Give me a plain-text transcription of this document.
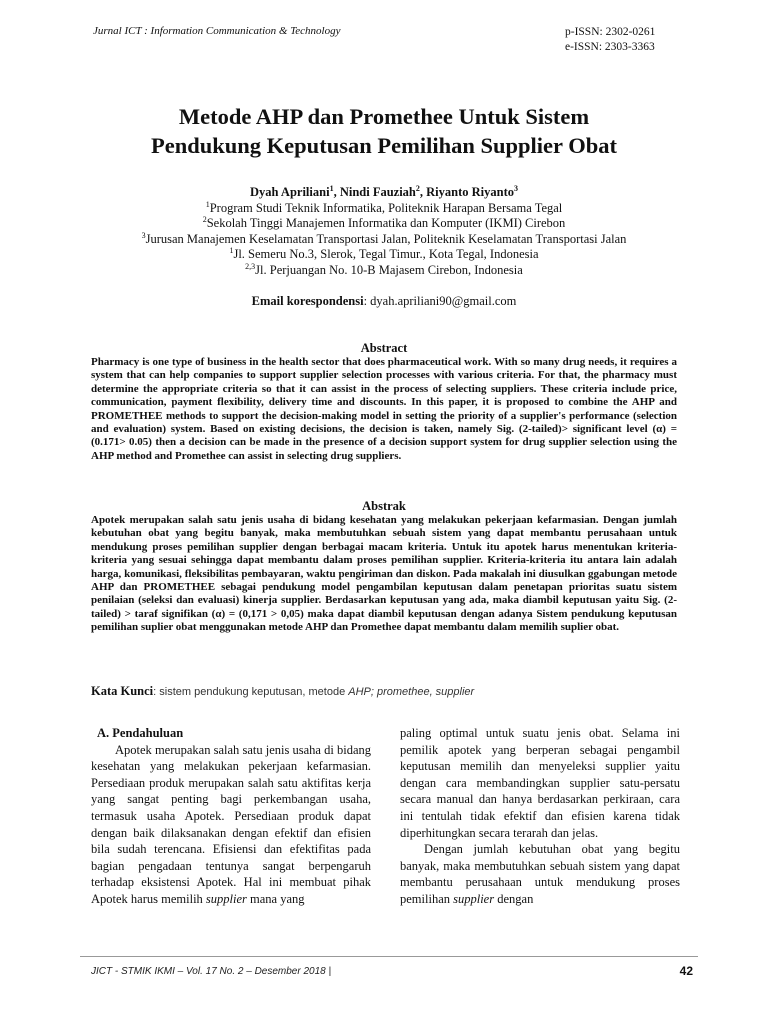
Jurnal ICT : Information Communication & Technology	p-ISSN: 2302-0261
e-ISSN: 2303-3363
Metode AHP dan Promethee Untuk Sistem
Pendukung Keputusan Pemilihan Supplier Obat
Dyah Apriliani$^1$, Nindi Fauziah$^2$, Riyanto Riyanto$^3$
$^1$Program Studi Teknik Informatika, Politeknik Harapan Bersama Tegal
$^2$Sekolah Tinggi Manajemen Informatika dan Komputer (IKMI) Cirebon
$^3$Jurusan Manajemen Keselamatan Transportasi Jalan, Politeknik Keselamatan Transportasi Jalan
$^1$Jl. Semeru No.3, Slerok, Tegal Timur., Kota Tegal, Indonesia
$^{2,3}$Jl. Perjuangan No. 10-B Majasem Cirebon, Indonesia
Email korespondensi: dyah.apriliani90@gmail.com
Abstract
Pharmacy is one type of business in the health sector that does pharmaceutical work. With so many drug needs, it requires a system that can help companies to support supplier selection processes with various criteria. For that, the pharmacy must determine the appropriate criteria so that it can assist in the process of selecting suppliers. These criteria include price, communication, payment flexibility, delivery time and discounts. In this paper, it is proposed to combine the AHP and PROMETHEE methods to support the decision-making model in setting the priority of a supplier's performance (selection and evaluation) system. Based on existing decisions, the decision is taken, namely Sig. (2-tailed)> significant level (α) = (0.171> 0.05) then a decision can be made in the presence of a decision support system for drug supplier selection using the AHP method and Promethee can assist in selecting drug suppliers.
Abstrak
Apotek merupakan salah satu jenis usaha di bidang kesehatan yang melakukan pekerjaan kefarmasian. Dengan jumlah kebutuhan obat yang begitu banyak, maka membutuhkan sebuah sistem yang dapat membantu perusahaan untuk mendukung proses pemilihan supplier dengan berbagai macam kriteria. Untuk itu apotek harus menentukan kriteria-kriteria yang sesuai sehingga dapat membantu dalam proses pemilihan supplier. Kriteria-kriteria itu antara lain adalah harga, komunikasi, fleksibilitas pembayaran, waktu pengiriman dan diskon. Pada makalah ini diusulkan ggabungan metode AHP dan PROMETHEE sebagai pendukung model pengambilan keputusan dalam penetapan prioritas suatu sistem penilaian (seleksi dan evaluasi) kinerja supplier. Berdasarkan keputusan yang ada, maka diambil keputusan yaitu Sig. (2-tailed) > taraf signifikan (α) = (0,171 > 0,05) maka dapat diambil keputusan dengan adanya Sistem pendukung keputusan pemilihan suplier obat menggunakan metode AHP dan Promethee dapat membantu dalam memilih suplier obat.
Kata Kunci: sistem pendukung keputusan, metode AHP; promethee, supplier
A. Pendahuluan

Apotek merupakan salah satu jenis usaha di bidang kesehatan yang melakukan pekerjaan kefarmasian. Persediaan produk merupakan salah satu aktifitas kerja yang sangat penting bagi perkembangan usaha, termasuk usaha Apotek. Persediaan produk dapat dengan baik dilaksanakan dengan efektif dan efisien bila sudah terencana. Efisiensi dan efektifitas pada bagian pengadaan tentunya sangat berpengaruh terhadap eksistensi Apotek. Hal ini membuat pihak Apotek harus memilih supplier mana yang

paling optimal untuk suatu jenis obat. Selama ini pemilik apotek yang berperan sebagai pengambil keputusan memilih dan menyeleksi supplier yaitu dengan cara membandingkan supplier satu-persatu secara manual dan hanya berdasarkan perkiraan, cara ini tentulah tidak efektif dan efisien karena tidak diperhitungkan secara terarah dan jelas.

Dengan jumlah kebutuhan obat yang begitu banyak, maka membutuhkan sebuah sistem yang dapat membantu perusahaan untuk mendukung proses pemilihan supplier dengan

JICT - STMIK IKMI – Vol. 17 No. 2 – Desember 2018 |	42
